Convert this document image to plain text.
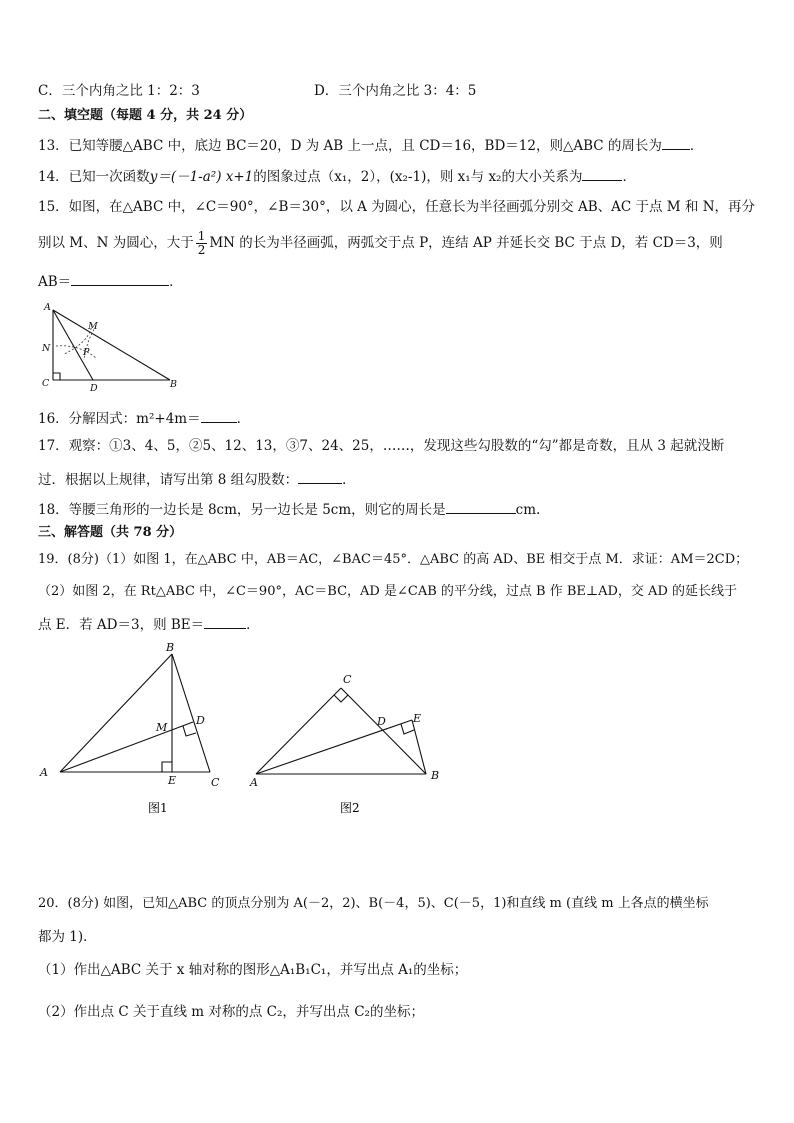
C．三个内角之比 1：2：3	D．三个内角之比 3：4：5
二、填空题（每题 4 分，共 24 分）
13．已知等腰△ABC 中，底边 BC＝20，D 为 AB 上一点，且 CD＝16，BD＝12，则△ABC 的周长为 ．
14．已知一次函数y＝(－1-a²) x+1的图象过点（x₁，2），(x₂-1)，则 x₁与 x₂的大小关系为	．
15．如图，在△ABC 中，∠C＝90°，∠B＝30°，以 A 为圆心，任意长为半径画弧分别交 AB、AC 于点 M 和 N，再分
别以 M、N 为圆心，大于 $\frac{1}{2}$ MN 的长为半径画弧，两弧交于点 P，连结 AP 并延长交 BC 于点 D，若 CD＝3，则
AB＝	．
A
M
N	P
C	D	B
16．分解因式：m²+4m＝	．
17．观察：①3、4、5，②5、12、13，③7、24、25，……，发现这些勾股数的“勾”都是奇数，且从 3 起就没断
过．根据以上规律，请写出第 8 组勾股数：	．
18．等腰三角形的一边长是 8cm，另一边长是 5cm，则它的周长是	cm.
三、解答题（共 78 分）
19．(8分)（1）如图 1，在△ABC 中，AB＝AC，∠BAC＝45°．△ABC 的高 AD、BE 相交于点 M．求证：AM＝2CD；
（2）如图 2，在 Rt△ABC 中，∠C＝90°，AC＝BC，AD 是∠CAB 的平分线，过点 B 作 BE⊥AD，交 AD 的延长线于
点 E．若 AD＝3，则 BE＝	．
B
M
D
A
E	C
图1
C
D E
A
B
图2
20．(8分) 如图，已知△ABC 的顶点分别为 A(－2，2)、B(－4，5)、C(－5，1)和直线 m (直线 m 上各点的横坐标
都为 1)．
（1）作出△ABC 关于 x 轴对称的图形△A₁B₁C₁，并写出点 A₁的坐标；
（2）作出点 C 关于直线 m 对称的点 C₂，并写出点 C₂的坐标；
